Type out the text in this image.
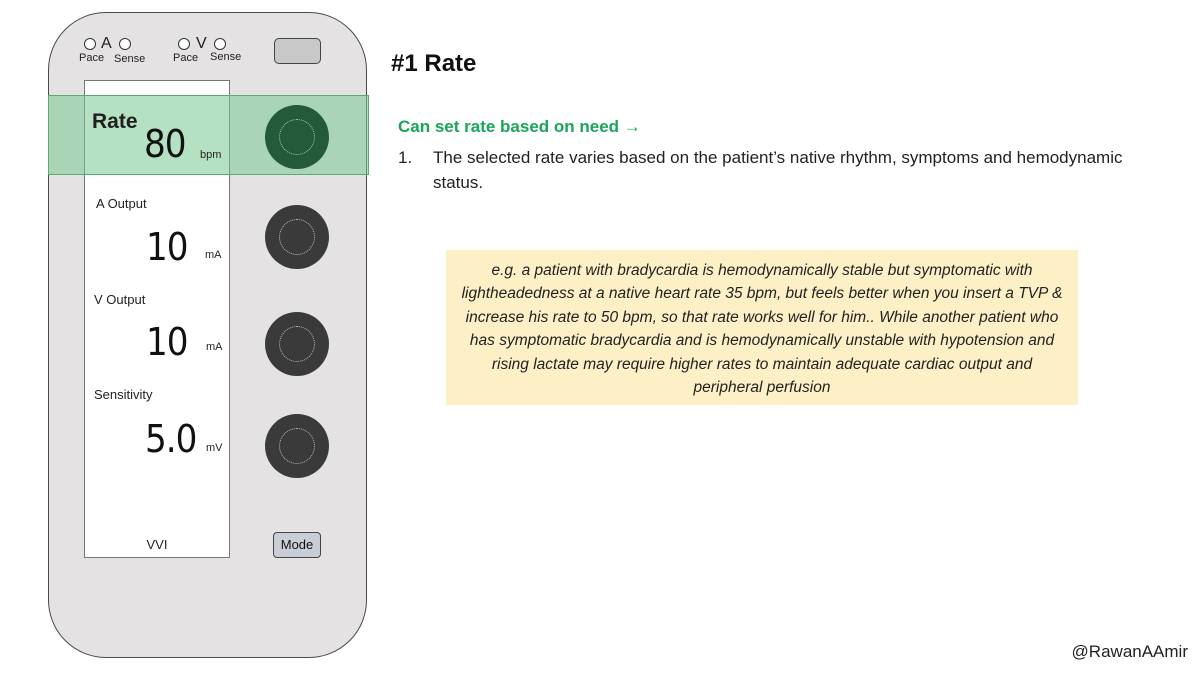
A
Pace Sense
V
Pace Sense
Rate
80 bpm
A Output
10 mA
V Output
10 mA
Sensitivity
5.0 mV
VVI	Mode
#1 Rate
Can set rate based on need →
1. The selected rate varies based on the patient’s native rhythm, symptoms and hemodynamic status.
e.g. a patient with bradycardia is hemodynamically stable but symptomatic with lightheadedness at a native heart rate 35 bpm, but feels better when you insert a TVP & increase his rate to 50 bpm, so that rate works well for him.. While another patient who has symptomatic bradycardia and is hemodynamically unstable with hypotension and rising lactate may require higher rates to maintain adequate cardiac output and peripheral perfusion
@RawanAAmir
